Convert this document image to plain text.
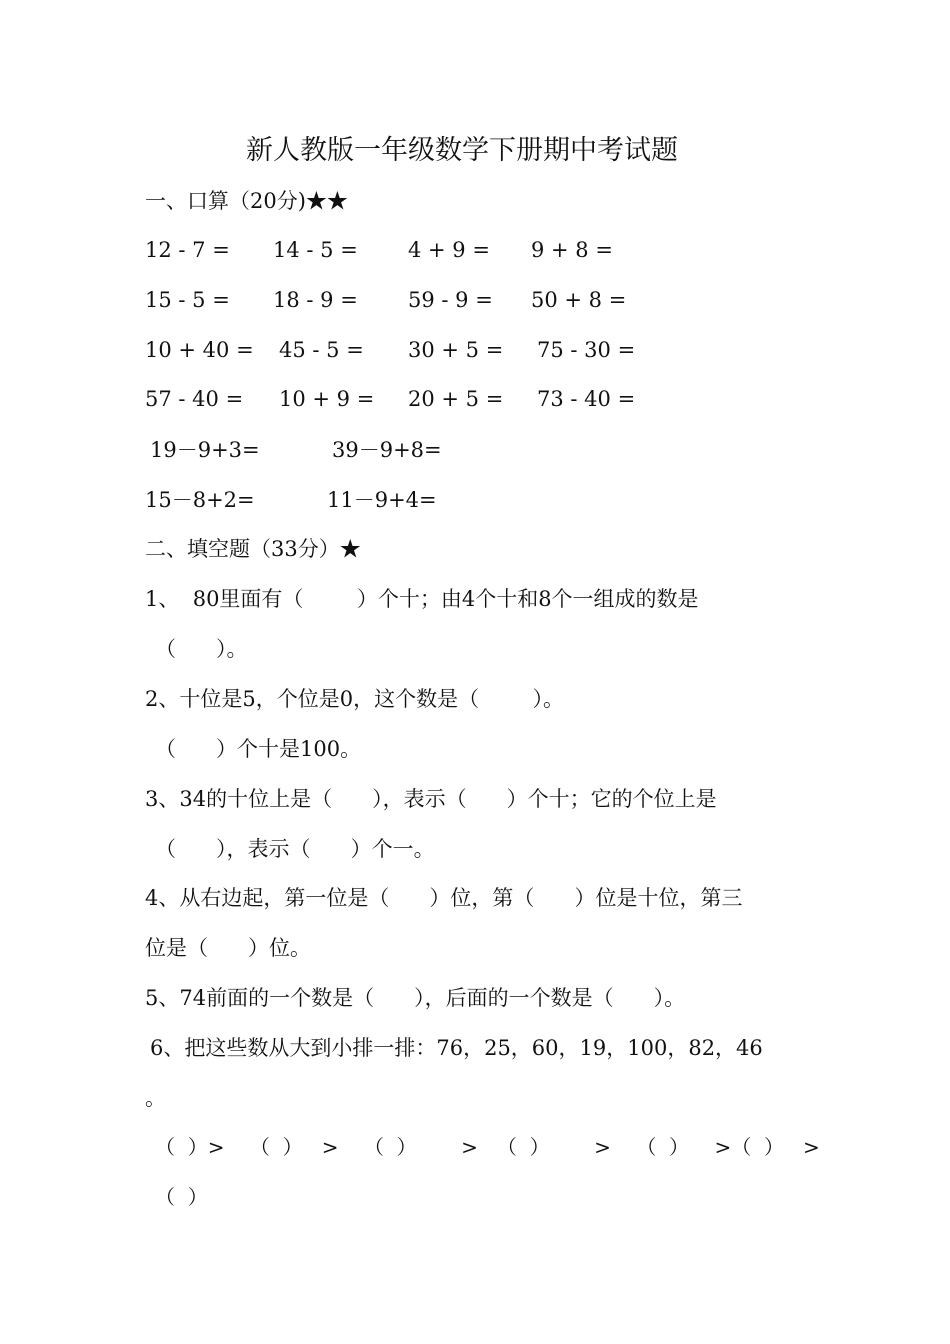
新人教版一年级数学下册期中考试题
一、口算（20分)★★
12 - 7 = 14 - 5 = 4 + 9 = 9 + 8 =
15 - 5 = 18 - 9 = 59 - 9 = 50 + 8 =
10 + 40 = 45 - 5 = 30 + 5 = 75 - 30 =
57 - 40 = 10 + 9 = 20 + 5 = 73 - 40 =
19－9+3=	39－9+8=
15－8+2=	11－9+4=
二、填空题（33分）★
1、  80里面有（        ）个十；由4个十和8个一组成的数是
（      ）。
2、十位是5，个位是0，这个数是（        ）。
（      ）个十是100。
3、34的十位上是（      ），表示（      ）个十；它的个位上是
（      ），表示（      ）个一。
4、从右边起，第一位是（      ）位，第（      ）位是十位，第三
位是（      ）位。
5、74前面的一个数是（      ），后面的一个数是（      ）。
6、把这些数从大到小排一排：76，25，60，19，100，82，46
。
（  ）>    （  ）   >    （  ）       >   （  ）       >    （  ）    >（  ）   >
（  ）
